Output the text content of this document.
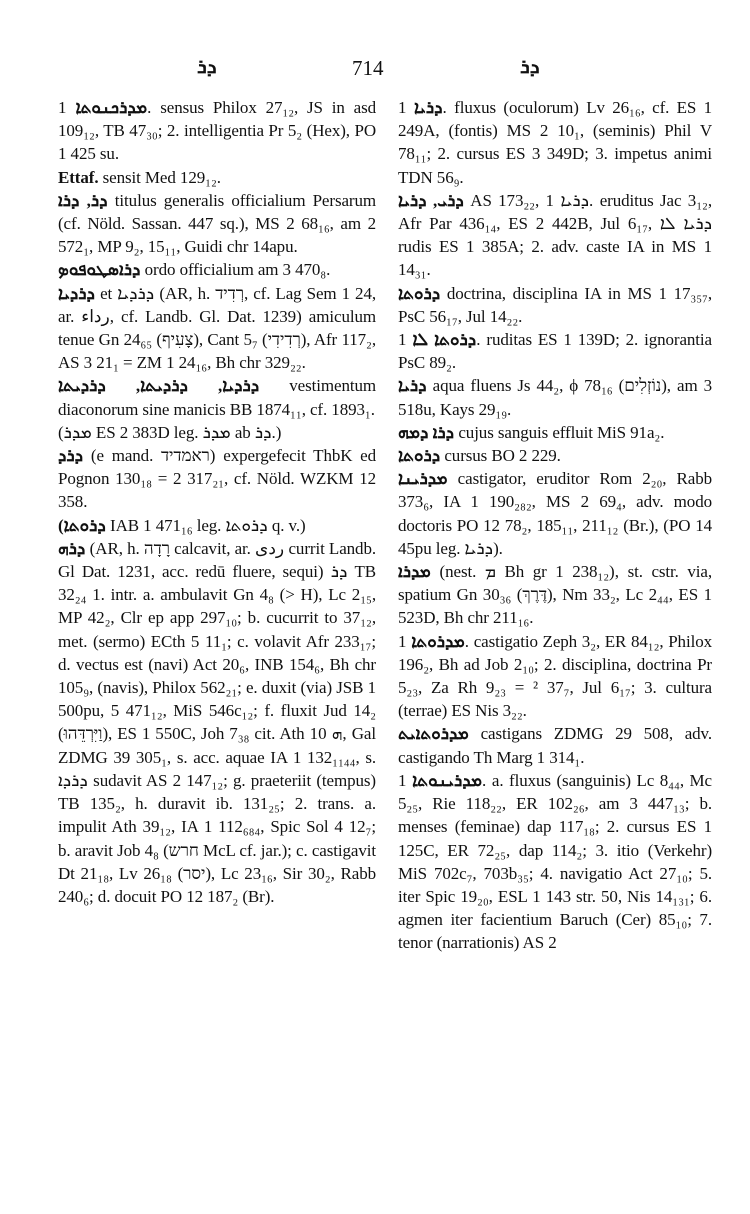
ܕܪ	714	ܕܪ
ܡܕܪܟܢܘܬܐ 1. sensus Philox 27₁₂, JS in asd 109₁₂, TB 47₃₀; 2. intelligentia Pr 5₂ (Hex), PO 1 425 su.
Ettaf. sensit Med 129₁₂.
ܕܪ, ܕܪܐ titulus generalis officialium Persarum (cf. Nöld. Sassan. 447 sq.), MS 2 68₁₆, am 2 572₁, MP 9₂, 15₁₁, Guidi chr 14apu.
ܕܪܐܣܛܘܦܘܤ ordo officialium am 3 470₈.
ܕܪܕܝܐ et ܕܪܕܝܐ (AR, h. רְדִיד, cf. Lag Sem 1 24, ar. رداء, cf. Landb. Gl. Dat. 1239) amiculum tenue Gn 24₆₅ (צָעִיף), Cant 5₇ (רְדִידִי), Afr 117₂, AS 3 21₁ = ZM 1 24₁₆, Bh chr 329₂₂.
ܕܪܕܝܐ, ܕܪܕܝܬܐ, ܕܪܕܝܬܐ vestimentum diaconorum sine manicis BB 1874₁₁, cf. 1893₁.
(ܡܕܪ ES 2 383D leg. ܡܕܪ ab ܕܪ.)
ܕܪܕ (e mand. ראמדיד) expergefecit ThbK ed Pognon 130₁₈ = 2 317₂₁, cf. Nöld. WZKM 12 358.
(ܕܪܘܬܐ IAB 1 471₁₆ leg. ܕܪܘܬܐ q. v.)
ܕܪܗ (AR, h. רָדָה calcavit, ar. ردى currit Landb. Gl Dat. 1231, acc. redū fluere, sequi) ܕܪ TB 32₂₄ 1. intr. a. ambulavit Gn 4₈ (> H), Lc 2₁₅, MP 42₂, Clr ep app 297₁₀; b. cucurrit to 37₁₂, met. (sermo) ECth 5 11₁; c. volavit Afr 233₁₇; d. vectus est (navi) Act 20₆, INB 154₆, Bh chr 105₉, (navis), Philox 562₂₁; e. duxit (via) JSB 1 500pu, 5 471₁₂, MiS 546c₁₂; f. fluxit Jud 14₂ (וַיִּרְדֵּהוּ), ES 1 550C, Joh 7₃₈ cit. Ath ܗ 10, Gal ZDMG 39 305₁, s. acc. aquae IA 1 132₁₁₄₄, s. ܕܪܕܐ sudavit AS 2 147₁₂; g. praeteriit (tempus) TB 135₂, h. duravit ib. 131₂₅; 2. trans. a. impulit Ath 39₁₂, IA 1 112₆₈₄, Spic Sol 4 12₇; b. aravit Job 4₈ (חרש McL cf. jar.); c. castigavit Dt 21₁₈, Lv 26₁₈ (יסר), Lc 23₁₆, Sir 30₂, Rabb 240₆; d. docuit PO 12 187₂ (Br).
ܕܪܝܐ 1. fluxus (oculorum) Lv 26₁₆, cf. ES 1 249A, (fontis) MS 2 10₁, (seminis) Phil V 78₁₁; 2. cursus ES 3 349D; 3. impetus animi TDN 56₉.
ܕܪܝ, ܕܪܝܐ AS 173₂₂, ܕܪܝܐ 1. eruditus Jac 3₁₂, Afr Par 436₁₄, ES 2 442B, Jul 6₁₇, ܕܪܝܐ ܠܐ rudis ES 1 385A; 2. adv. caste IA in MS 1 14₃₁.
ܕܪܘܬܐ doctrina, disciplina IA in MS 1 17₃₅₇, PsC 56₁₇, Jul 14₂₂.
ܕܪܘܬܐ ܠܐ 1. ruditas ES 1 139D; 2. ignorantia PsC 89₂.
ܕܪܝܐ aqua fluens Js 44₂, ϕ 78₁₆ (נוֹזְלִים), am 3 518u, Kays 29₁₉.
ܕܪܐ ܕܡܗ cujus sanguis effluit MiS 91a₂.
ܕܪܘܬܐ cursus BO 2 229.
ܡܕܪܝܢܐ castigator, eruditor Rom 2₂₀, Rabb 373₆, IA 1 190₂₈₂, MS 2 69₄, adv. modo doctoris PO 12 78₂, 185₁₁, 211₁₂ (Br.), (PO 14 45pu leg. ܕܪܝܐ).
ܡܕܪܐ (nest. ܡ Bh gr 1 238₁₂), st. cstr. via, spatium Gn 30₃₆ (דֶּרֶךְ), Nm 33₂, Lc 2₄₄, ES 1 523D, Bh chr 211₁₆.
ܡܕܪܘܬܐ 1. castigatio Zeph 3₂, ER 84₁₂, Philox 196₂, Bh ad Job 2₁₀; 2. disciplina, doctrina Pr 5₂₃, Za Rh 9₂₃ = ² 37₇, Jul 6₁₇; 3. cultura (terrae) ES Nis 3₂₂.
ܡܕܪܘܬܐܝܬ castigans ZDMG 29 508, adv. castigando Th Marg 1 314₁.
ܡܕܪܝܢܘܬܐ 1. a. fluxus (sanguinis) Lc 8₄₄, Mc 5₂₅, Rie 118₂₂, ER 102₂₆, am 3 447₁₃; b. menses (feminae) dap 117₁₈; 2. cursus ES 1 125C, ER 72₂₅, dap 114₂; 3. itio (Verkehr) MiS 702c₇, 703b₃₅; 4. navigatio Act 27₁₀; 5. iter Spic 19₂₀, ESL 1 143 str. 50, Nis 14₁₃₁; 6. agmen iter facientium Baruch (Cer) 85₁₀; 7. tenor (narrationis) AS 2
